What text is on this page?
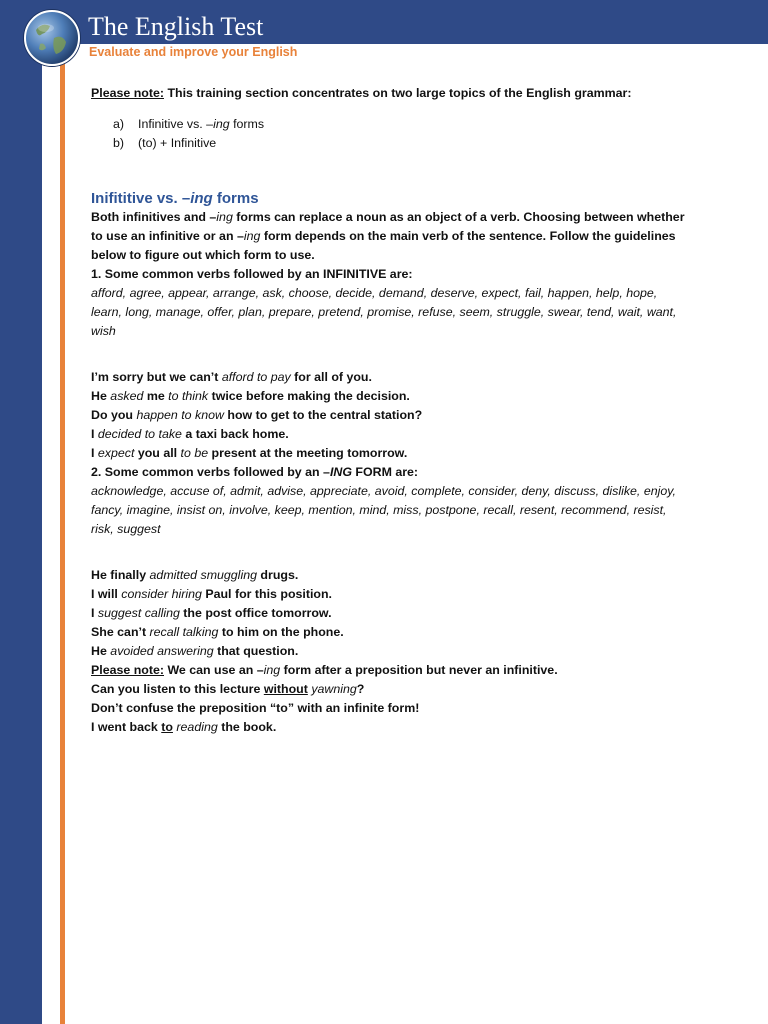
The English Test
Evaluate and improve your English

Please note: This training section concentrates on two large topics of the English grammar:

a)	Infinitive vs. –ing forms
b)	(to) + Infinitive
Inifititive vs. –ing forms

Both infinitives and –ing forms can replace a noun as an object of a verb. Choosing between whether to use an infinitive or an –ing form depends on the main verb of the sentence. Follow the guidelines below to figure out which form to use.

1. Some common verbs followed by an INFINITIVE are:

afford, agree, appear, arrange, ask, choose, decide, demand, deserve, expect, fail, happen, help, hope, learn, long, manage, offer, plan, prepare, pretend, promise, refuse, seem, struggle, swear, tend, wait, want, wish

I’m sorry but we can’t afford to pay for all of you.
He asked me to think twice before making the decision.
Do you happen to know how to get to the central station?
I decided to take a taxi back home.
I expect you all to be present at the meeting tomorrow.

2. Some common verbs followed by an –ING FORM are:

acknowledge, accuse of, admit, advise, appreciate, avoid, complete, consider, deny, discuss, dislike, enjoy, fancy, imagine, insist on, involve, keep, mention, mind, miss, postpone, recall, resent, recommend, resist, risk, suggest

He finally admitted smuggling drugs.
I will consider hiring Paul for this position.
I suggest calling the post office tomorrow.
She can’t recall talking to him on the phone.
He avoided answering that question.

Please note: We can use an –ing form after a preposition but never an infinitive.

Can you listen to this lecture without yawning?

Don’t confuse the preposition “to” with an infinite form!

I went back to reading the book.
